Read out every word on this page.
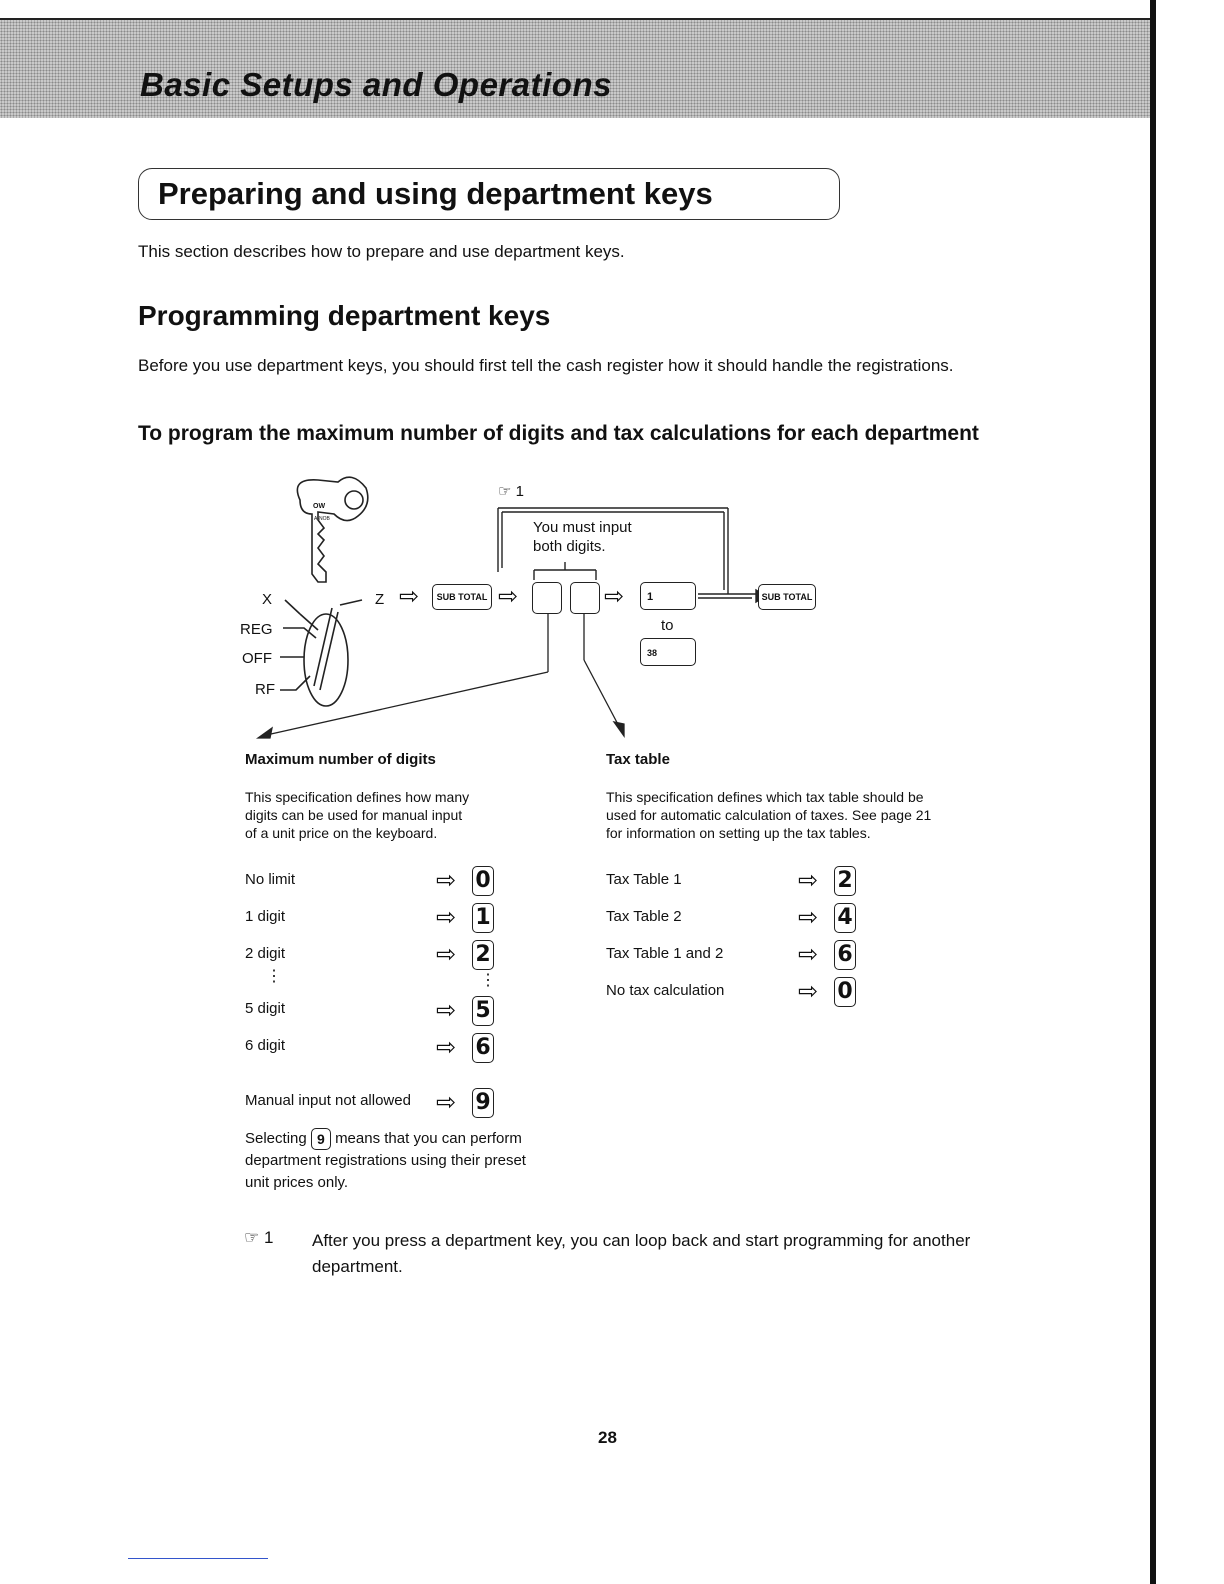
Basic Setups and Operations
Preparing and using department keys
This section describes how to prepare and use department keys.
Programming department keys
Before you use department keys, you should first tell the cash register how it should handle the registrations.
To program the maximum number of digits and tax calculations for each department
☞ 1
You must input
both digits.
OW
A-NOB
X	Z
REG
OFF
RF
⇨	SUB TOTAL ⇨	⇨	1	SUB TOTAL
to
38
Maximum number of digits
This specification defines how many
digits can be used for manual input
of a unit price on the keyboard.
No limit	⇨ 0
1 digit	⇨ 1
2 digit	⇨ 2
⋮	⋮
5 digit	⇨ 5
6 digit	⇨ 6
Manual input not allowed ⇨ 9
Selecting 9 means that you can perform
department registrations using their preset
unit prices only.
Tax table
This specification defines which tax table should be
used for automatic calculation of taxes. See page 21
for information on setting up the tax tables.
Tax Table 1	⇨ 2
Tax Table 2	⇨ 4
Tax Table 1 and 2	⇨ 6
No tax calculation	⇨ 0
☞ 1 After you press a department key, you can loop back and start programming for another
department.
28
